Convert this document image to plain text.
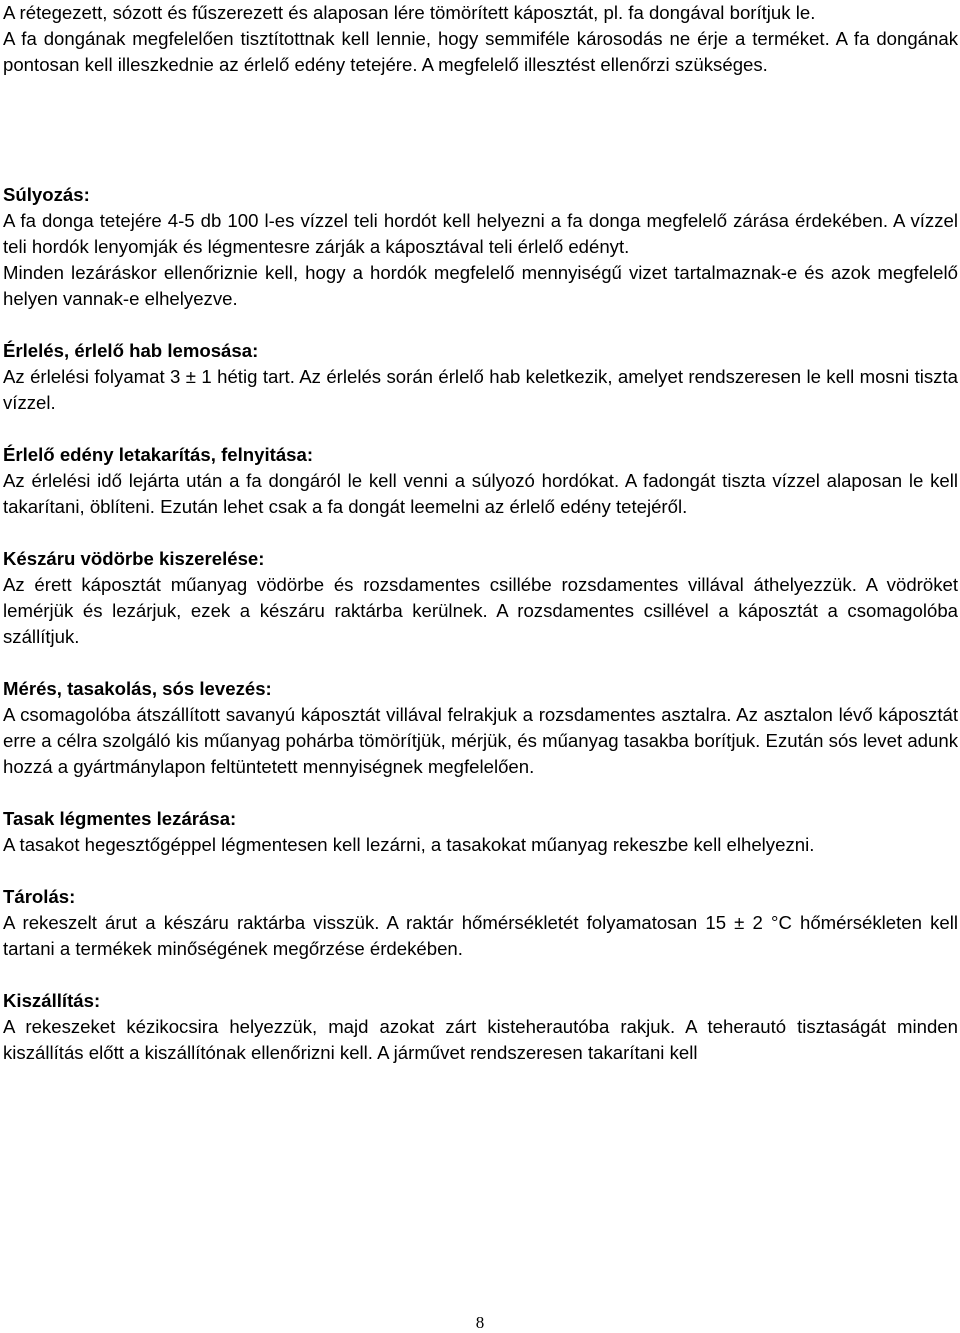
A rétegezett, sózott és fűszerezett és alaposan lére tömörített káposztát, pl. fa dongával borítjuk le.

A fa dongának megfelelően tisztítottnak kell lennie, hogy semmiféle károsodás ne érje a terméket. A fa dongának pontosan kell illeszkednie az érlelő edény tetejére. A megfelelő illesztést ellenőrzi szükséges.

Súlyozás:

A fa donga tetejére 4-5 db 100 l-es vízzel teli hordót kell helyezni a fa donga megfelelő zárása érdekében. A vízzel teli hordók lenyomják és légmentesre zárják a káposztával teli érlelő edényt.

Minden lezáráskor ellenőriznie kell, hogy a hordók megfelelő mennyiségű vizet tartalmaznak-e és azok megfelelő helyen vannak-e elhelyezve.

Érlelés, érlelő hab lemosása:

Az érlelési folyamat 3 ± 1 hétig tart. Az érlelés során érlelő hab keletkezik, amelyet rendszeresen le kell mosni tiszta vízzel.

Érlelő edény letakarítás, felnyitása:

Az érlelési idő lejárta után a fa dongáról le kell venni a súlyozó hordókat. A fadongát tiszta vízzel alaposan le kell takarítani, öblíteni. Ezután lehet csak a fa dongát leemelni az érlelő edény tetejéről.

Készáru vödörbe kiszerelése:

Az érett káposztát műanyag vödörbe és rozsdamentes csillébe rozsdamentes villával áthelyezzük. A vödröket lemérjük és lezárjuk, ezek a készáru raktárba kerülnek. A rozsdamentes csillével a káposztát a csomagolóba szállítjuk.

Mérés, tasakolás, sós levezés:

A csomagolóba átszállított savanyú káposztát villával felrakjuk a rozsdamentes asztalra. Az asztalon lévő káposztát erre a célra szolgáló kis műanyag pohárba tömörítjük, mérjük, és műanyag tasakba borítjuk. Ezután sós levet adunk hozzá a gyártmánylapon feltüntetett mennyiségnek megfelelően.

Tasak légmentes lezárása:

A tasakot hegesztőgéppel légmentesen kell lezárni, a tasakokat műanyag rekeszbe kell elhelyezni.

Tárolás:

A rekeszelt árut a készáru raktárba visszük. A raktár hőmérsékletét folyamatosan 15 ± 2 °C hőmérsékleten kell tartani a termékek minőségének megőrzése érdekében.

Kiszállítás:

A rekeszeket kézikocsira helyezzük, majd azokat zárt kisteherautóba rakjuk. A teherautó tisztaságát minden kiszállítás előtt a kiszállítónak ellenőrizni kell. A járművet rendszeresen takarítani kell

8
